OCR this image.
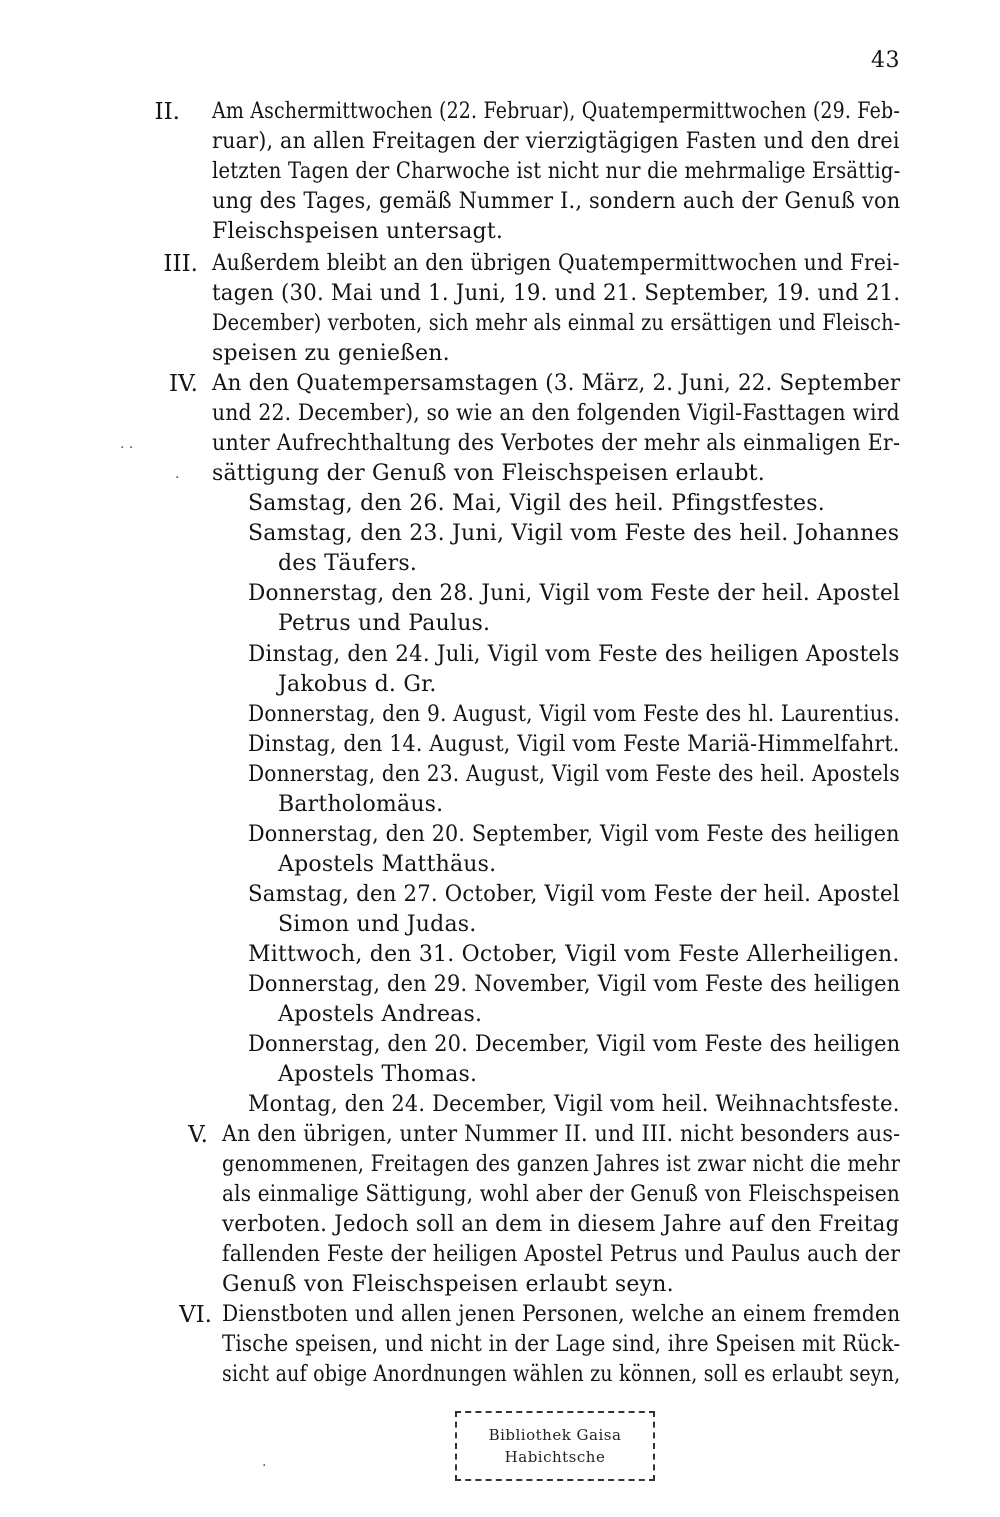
43
II. Am Aschermittwochen (22. Februar), Quatempermittwochen (29. Feb-
ruar), an allen Freitagen der vierzigtägigen Fasten und den drei
letzten Tagen der Charwoche ist nicht nur die mehrmalige Ersättig-
ung des Tages, gemäß Nummer I., sondern auch der Genuß von
Fleischspeisen untersagt.
III. Außerdem bleibt an den übrigen Quatempermittwochen und Frei-
tagen (30. Mai und 1. Juni, 19. und 21. September, 19. und 21.
December) verboten, sich mehr als einmal zu ersättigen und Fleisch-
speisen zu genießen.
IV. An den Quatempersamstagen (3. März, 2. Juni, 22. September
und 22. December), so wie an den folgenden Vigil-Fasttagen wird
unter Aufrechthaltung des Verbotes der mehr als einmaligen Er-
sättigung der Genuß von Fleischspeisen erlaubt.
Samstag, den 26. Mai, Vigil des heil. Pfingstfestes.
Samstag, den 23. Juni, Vigil vom Feste des heil. Johannes
des Täufers.
Donnerstag, den 28. Juni, Vigil vom Feste der heil. Apostel
Petrus und Paulus.
Dinstag, den 24. Juli, Vigil vom Feste des heiligen Apostels
Jakobus d. Gr.
Donnerstag, den 9. August, Vigil vom Feste des hl. Laurentius.
Dinstag, den 14. August, Vigil vom Feste Mariä-Himmelfahrt.
Donnerstag, den 23. August, Vigil vom Feste des heil. Apostels
Bartholomäus.
Donnerstag, den 20. September, Vigil vom Feste des heiligen
Apostels Matthäus.
Samstag, den 27. October, Vigil vom Feste der heil. Apostel
Simon und Judas.
Mittwoch, den 31. October, Vigil vom Feste Allerheiligen.
Donnerstag, den 29. November, Vigil vom Feste des heiligen
Apostels Andreas.
Donnerstag, den 20. December, Vigil vom Feste des heiligen
Apostels Thomas.
Montag, den 24. December, Vigil vom heil. Weihnachtsfeste.
V. An den übrigen, unter Nummer II. und III. nicht besonders aus-
genommenen, Freitagen des ganzen Jahres ist zwar nicht die mehr
als einmalige Sättigung, wohl aber der Genuß von Fleischspeisen
verboten. Jedoch soll an dem in diesem Jahre auf den Freitag
fallenden Feste der heiligen Apostel Petrus und Paulus auch der
Genuß von Fleischspeisen erlaubt seyn.
VI. Dienstboten und allen jenen Personen, welche an einem fremden
Tische speisen, und nicht in der Lage sind, ihre Speisen mit Rück-
sicht auf obige Anordnungen wählen zu können, soll es erlaubt seyn,
Bibliothek Gaisa
Habichtsche
· ·
·
·
